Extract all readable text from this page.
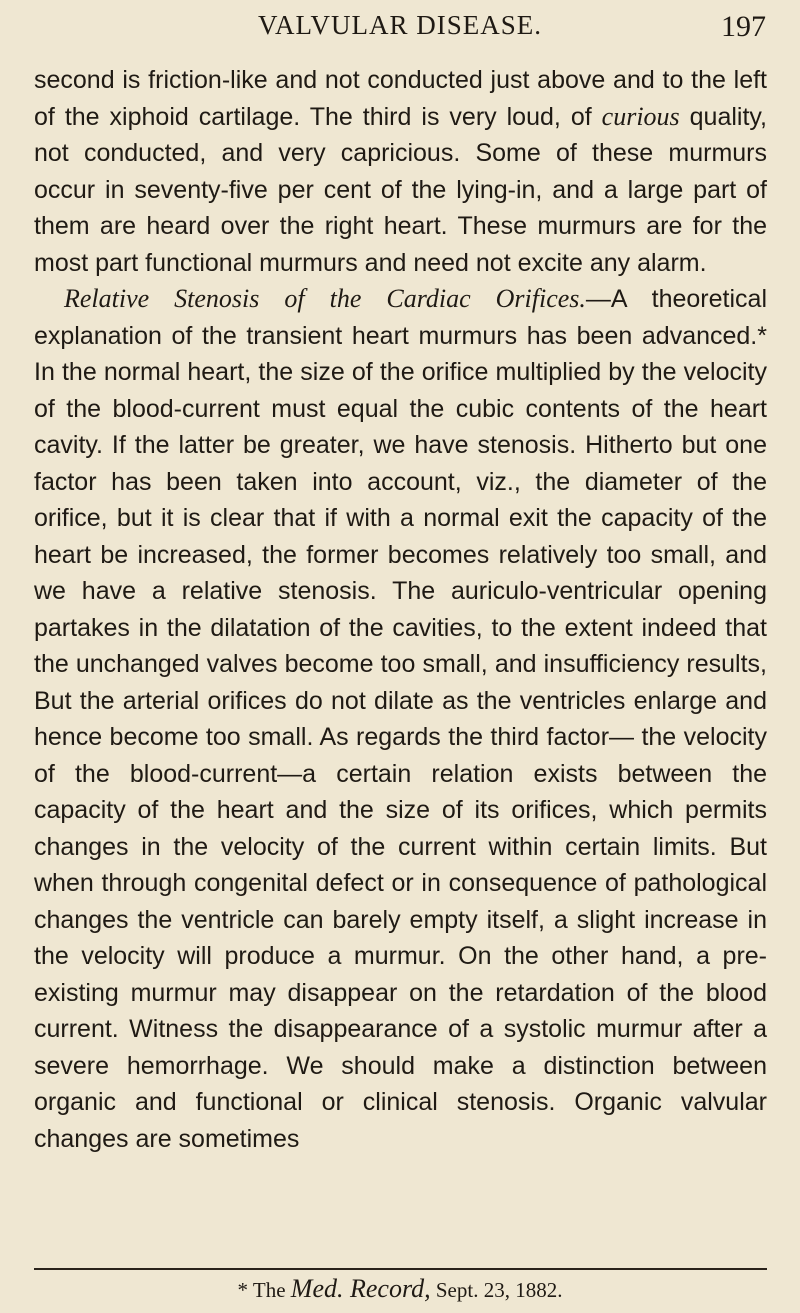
VALVULAR DISEASE.	197

second is friction-like and not conducted just above and to the left of the xiphoid cartilage. The third is very loud, of curious quality, not conducted, and very capricious. Some of these murmurs occur in seventy-five per cent of the lying-in, and a large part of them are heard over the right heart. These murmurs are for the most part functional murmurs and need not excite any alarm.

Relative Stenosis of the Cardiac Orifices.—A theoretical explanation of the transient heart murmurs has been advanced.* In the normal heart, the size of the orifice multiplied by the velocity of the blood-current must equal the cubic contents of the heart cavity. If the latter be greater, we have stenosis. Hitherto but one factor has been taken into account, viz., the diameter of the orifice, but it is clear that if with a normal exit the capacity of the heart be increased, the former becomes relatively too small, and we have a relative stenosis. The auriculo-ventricular opening partakes in the dilatation of the cavities, to the extent indeed that the unchanged valves become too small, and insufficiency results, But the arterial orifices do not dilate as the ventricles enlarge and hence become too small. As regards the third factor— the velocity of the blood-current—a certain relation exists between the capacity of the heart and the size of its orifices, which permits changes in the velocity of the current within certain limits. But when through congenital defect or in consequence of pathological changes the ventricle can barely empty itself, a slight increase in the velocity will produce a murmur. On the other hand, a pre-existing murmur may disappear on the retardation of the blood current. Witness the disappearance of a systolic murmur after a severe hemorrhage. We should make a distinction between organic and functional or clinical stenosis. Organic valvular changes are sometimes

* The Med. Record, Sept. 23, 1882.
